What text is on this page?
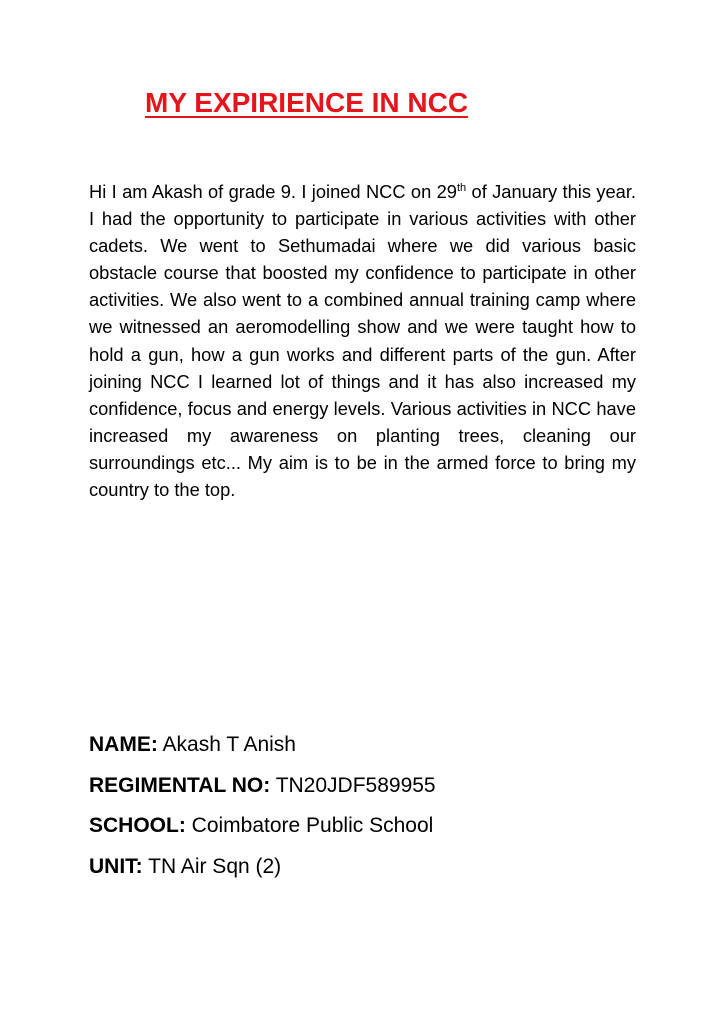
MY EXPIRIENCE IN NCC

Hi I am Akash of grade 9. I joined NCC on 29th of January this year. I had the opportunity to participate in various activities with other cadets. We went to Sethumadai where we did various basic obstacle course that boosted my confidence to participate in other activities. We also went to a combined annual training camp where we witnessed an aeromodelling show and we were taught how to hold a gun, how a gun works and different parts of the gun. After joining NCC I learned lot of things and it has also increased my confidence, focus and energy levels. Various activities in NCC have increased my awareness on planting trees, cleaning our surroundings etc... My aim is to be in the armed force to bring my country to the top.

NAME: Akash T Anish
REGIMENTAL NO: TN20JDF589955
SCHOOL: Coimbatore Public School
UNIT: TN Air Sqn (2)
